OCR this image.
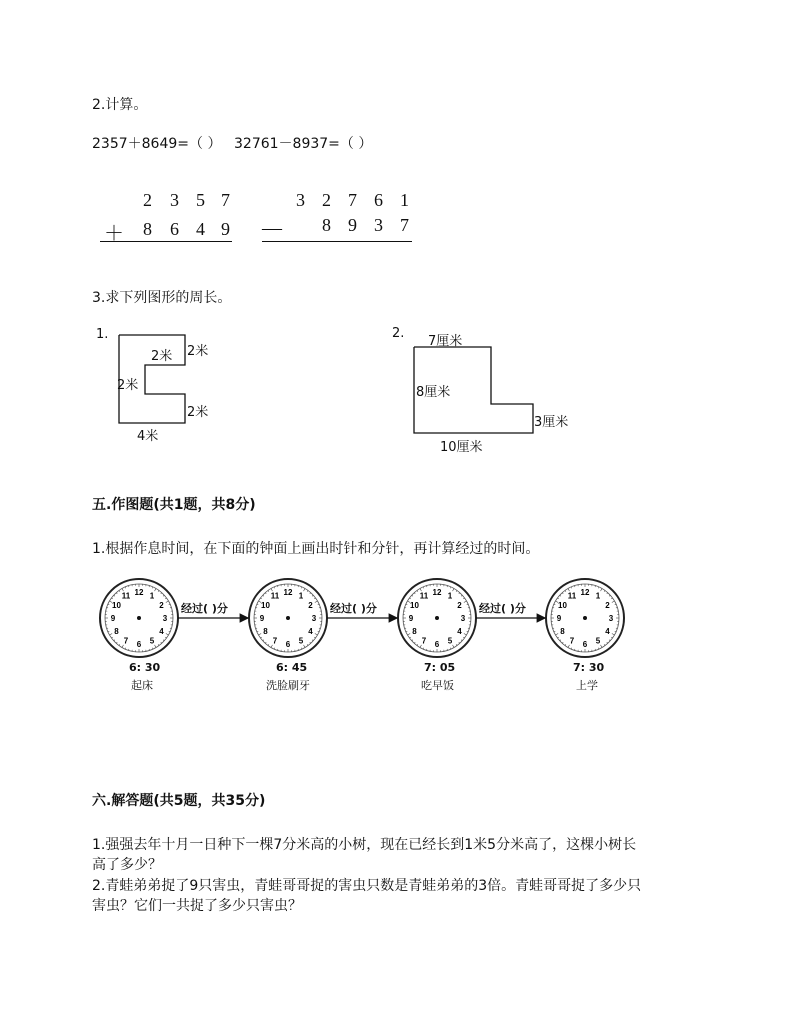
2.计算。
2357＋8649=（ ） 32761－8937=（ ）
2 3 5 7
＋ 8 6 4 9
3 2 7 6 1
— 8 9 3 7
3.求下列图形的周长。
1.
2米 2米
2米
2米
4米
2.
7厘米
8厘米
3厘米
10厘米
五.作图题(共1题，共8分)
1.根据作息时间，在下面的钟面上画出时针和分针，再计算经过的时间。
12 1
2
3
4
5
6
7
8
9
10
11	12 1
2
3
4
5
6
7
8
9
10
11	12 1
2
3
4
5
6
7
8
9
10
11	12 1
2
3
4
5
6
7
8
9
10
11
6: 30
起床
6: 45
洗脸刷牙
7: 05
吃早饭
7: 30
上学
经过( )分	经过( )分	经过( )分
六.解答题(共5题，共35分)
1.强强去年十月一日种下一棵7分米高的小树，现在已经长到1米5分米高了，这棵小树长
高了多少？
2.青蛙弟弟捉了9只害虫，青蛙哥哥捉的害虫只数是青蛙弟弟的3倍。青蛙哥哥捉了多少只
害虫？它们一共捉了多少只害虫？
